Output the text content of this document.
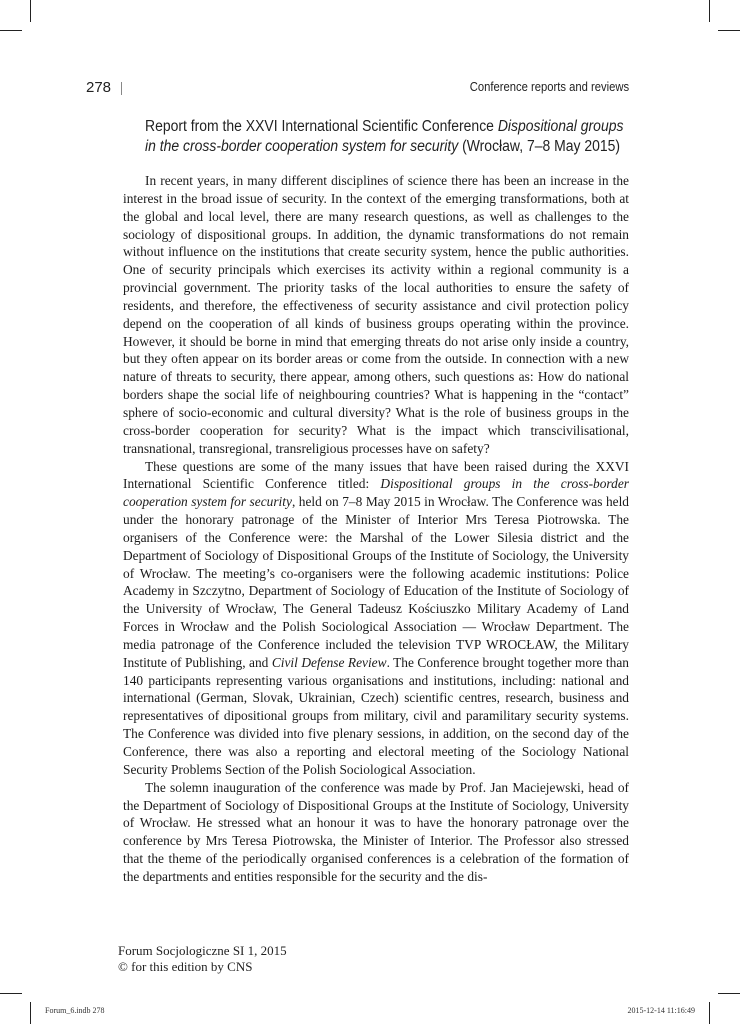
278	Conference reports and reviews
Report from the XXVI International Scientific Conference Dispositional groups in the cross-border cooperation system for security (Wrocław, 7–8 May 2015)

In recent years, in many different disciplines of science there has been an increase in the interest in the broad issue of security. In the context of the emerging transformations, both at the global and local level, there are many research questions, as well as challenges to the sociology of dispositional groups. In addition, the dynamic transformations do not remain without influence on the institutions that create security system, hence the public authorities. One of security principals which exercises its activity within a regional community is a provincial government. The priority tasks of the local authorities to ensure the safety of residents, and therefore, the effectiveness of security assistance and civil protection policy depend on the cooperation of all kinds of business groups operating within the province. However, it should be borne in mind that emerging threats do not arise only inside a country, but they often appear on its border areas or come from the outside. In connection with a new nature of threats to security, there appear, among others, such questions as: How do national borders shape the social life of neighbouring countries? What is happening in the “contact” sphere of socio-economic and cultural diversity? What is the role of business groups in the cross-border cooperation for security? What is the impact which transcivilisational, transnational, transregional, transreligious processes have on safety?

These questions are some of the many issues that have been raised during the XXVI International Scientific Conference titled: Dispositional groups in the cross-border cooperation system for security, held on 7–8 May 2015 in Wrocław. The Conference was held under the honorary patronage of the Minister of Interior Mrs Teresa Piotrowska. The organisers of the Conference were: the Marshal of the Lower Silesia district and the Department of Sociology of Dispositional Groups of the Institute of Sociology, the University of Wrocław. The meeting’s co-organisers were the following academic institutions: Police Academy in Szczytno, Department of Sociology of Education of the Institute of Sociology of the University of Wrocław, The General Tadeusz Kościuszko Military Academy of Land Forces in Wrocław and the Polish Sociological Association — Wrocław Department. The media patronage of the Conference included the television TVP WROCŁAW, the Military Institute of Publishing, and Civil Defense Review. The Conference brought together more than 140 participants representing various organisations and institutions, including: national and international (German, Slovak, Ukrainian, Czech) scientific centres, research, business and representatives of dipositional groups from military, civil and paramilitary security systems. The Conference was divided into five plenary sessions, in addition, on the second day of the Conference, there was also a reporting and electoral meeting of the Sociology National Security Problems Section of the Polish Sociological Association.

The solemn inauguration of the conference was made by Prof. Jan Maciejewski, head of the Department of Sociology of Dispositional Groups at the Institute of Sociology, University of Wrocław. He stressed what an honour it was to have the honorary patronage over the conference by Mrs Teresa Piotrowska, the Minister of Interior. The Professor also stressed that the theme of the periodically organised conferences is a celebration of the formation of the departments and entities responsible for the security and the dis-

Forum Socjologiczne SI 1, 2015
© for this edition by CNS
Forum_6.indb 278	2015-12-14 11:16:49
